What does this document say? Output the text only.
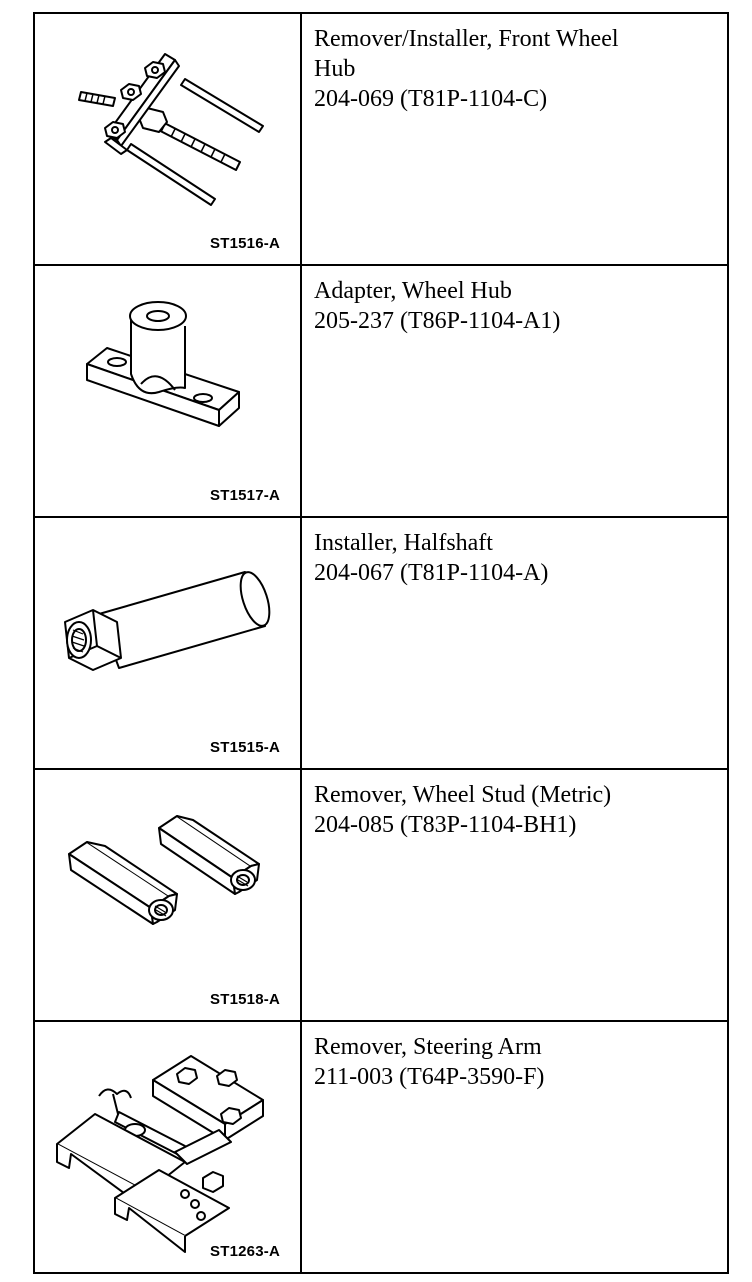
ST1516-A
Remover/Installer, Front Wheel
Hub
204-069 (T81P-1104-C)
ST1517-A
Adapter, Wheel Hub
205-237 (T86P-1104-A1)
ST1515-A
Installer, Halfshaft
204-067 (T81P-1104-A)
ST1518-A
Remover, Wheel Stud (Metric)
204-085 (T83P-1104-BH1)
ST1263-A
Remover, Steering Arm
211-003 (T64P-3590-F)
